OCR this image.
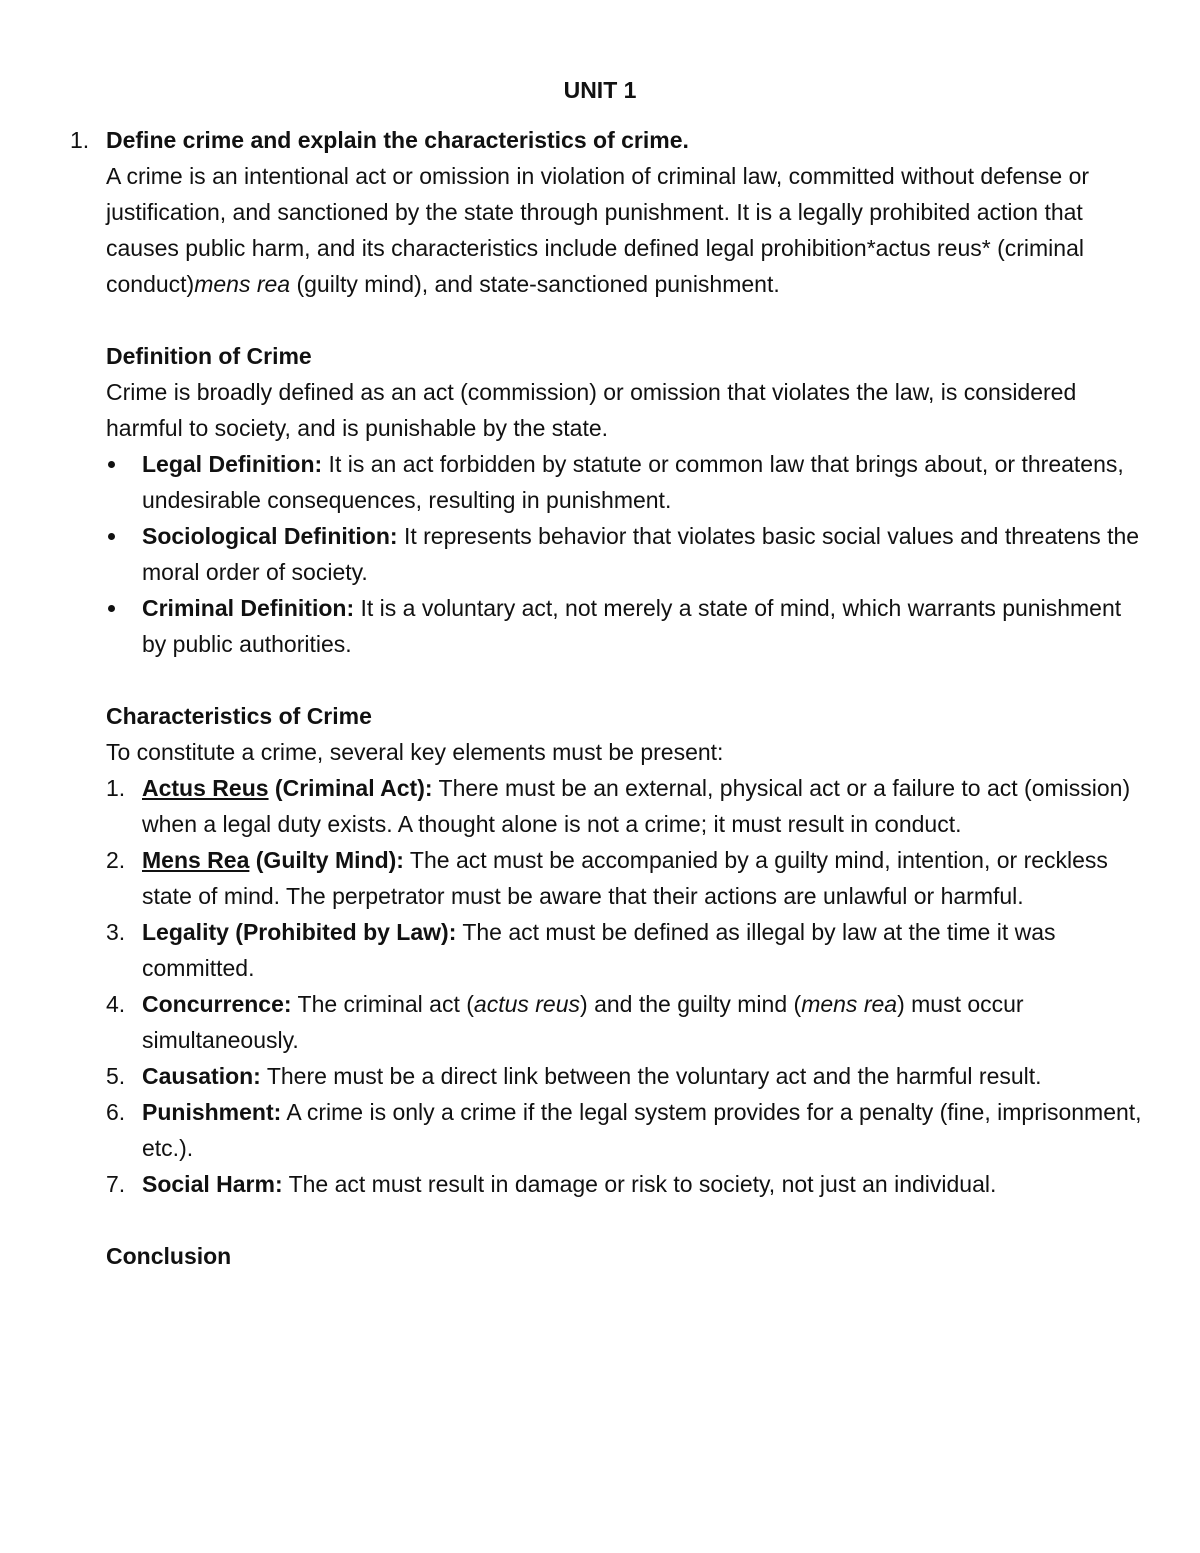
UNIT 1
1. Define crime and explain the characteristics of crime.
A crime is an intentional act or omission in violation of criminal law, committed without defense or justification, and sanctioned by the state through punishment. It is a legally prohibited action that causes public harm, and its characteristics include defined legal prohibition*actus reus* (criminal conduct)mens rea (guilty mind), and state-sanctioned punishment.
Definition of Crime
Crime is broadly defined as an act (commission) or omission that violates the law, is considered harmful to society, and is punishable by the state.
Legal Definition: It is an act forbidden by statute or common law that brings about, or threatens, undesirable consequences, resulting in punishment.
Sociological Definition: It represents behavior that violates basic social values and threatens the moral order of society.
Criminal Definition: It is a voluntary act, not merely a state of mind, which warrants punishment by public authorities.
Characteristics of Crime
To constitute a crime, several key elements must be present:
1. Actus Reus (Criminal Act): There must be an external, physical act or a failure to act (omission) when a legal duty exists. A thought alone is not a crime; it must result in conduct.
2. Mens Rea (Guilty Mind): The act must be accompanied by a guilty mind, intention, or reckless state of mind. The perpetrator must be aware that their actions are unlawful or harmful.
3. Legality (Prohibited by Law): The act must be defined as illegal by law at the time it was committed.
4. Concurrence: The criminal act (actus reus) and the guilty mind (mens rea) must occur simultaneously.
5. Causation: There must be a direct link between the voluntary act and the harmful result.
6. Punishment: A crime is only a crime if the legal system provides for a penalty (fine, imprisonment, etc.).
7. Social Harm: The act must result in damage or risk to society, not just an individual.
Conclusion
